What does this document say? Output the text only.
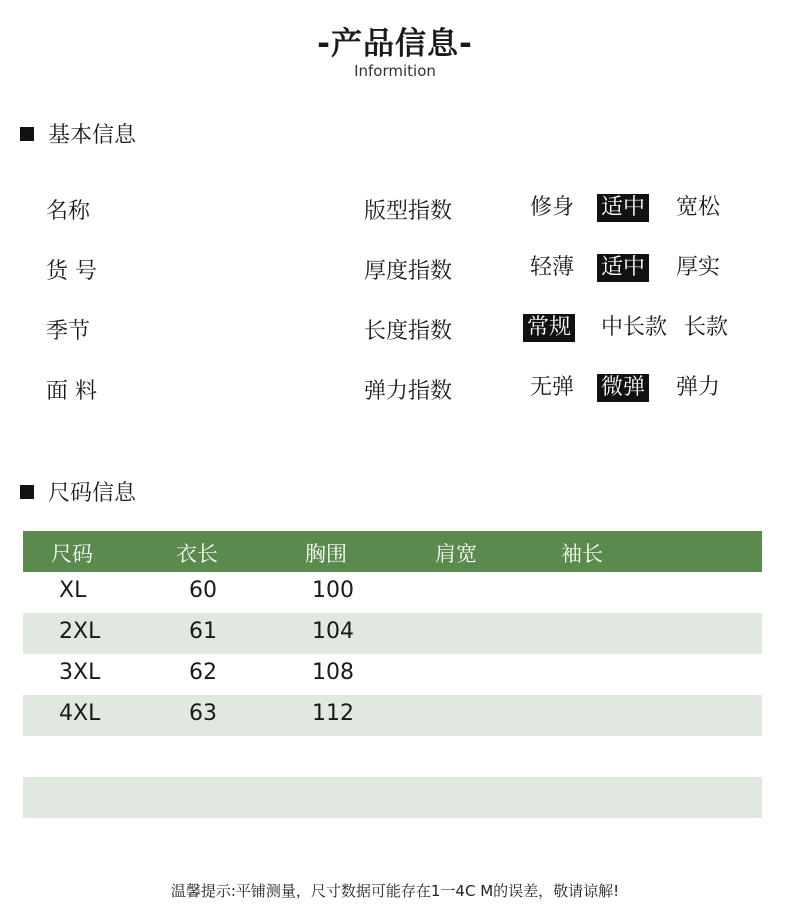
-产品信息-
Informition
基本信息
名称	版型指数	修身 适中 宽松
货 号	厚度指数	轻薄 适中 厚实
季节	长度指数	常规 中长款 长款
面 料	弹力指数	无弹 微弹 弹力
尺码信息
尺码	衣长	胸围	肩宽	袖长
XL	60	100
2XL	61	104
3XL	62	108
4XL	63	112
温馨提示:平铺测量，尺寸数据可能存在1一4C M的误差，敬请谅解!
